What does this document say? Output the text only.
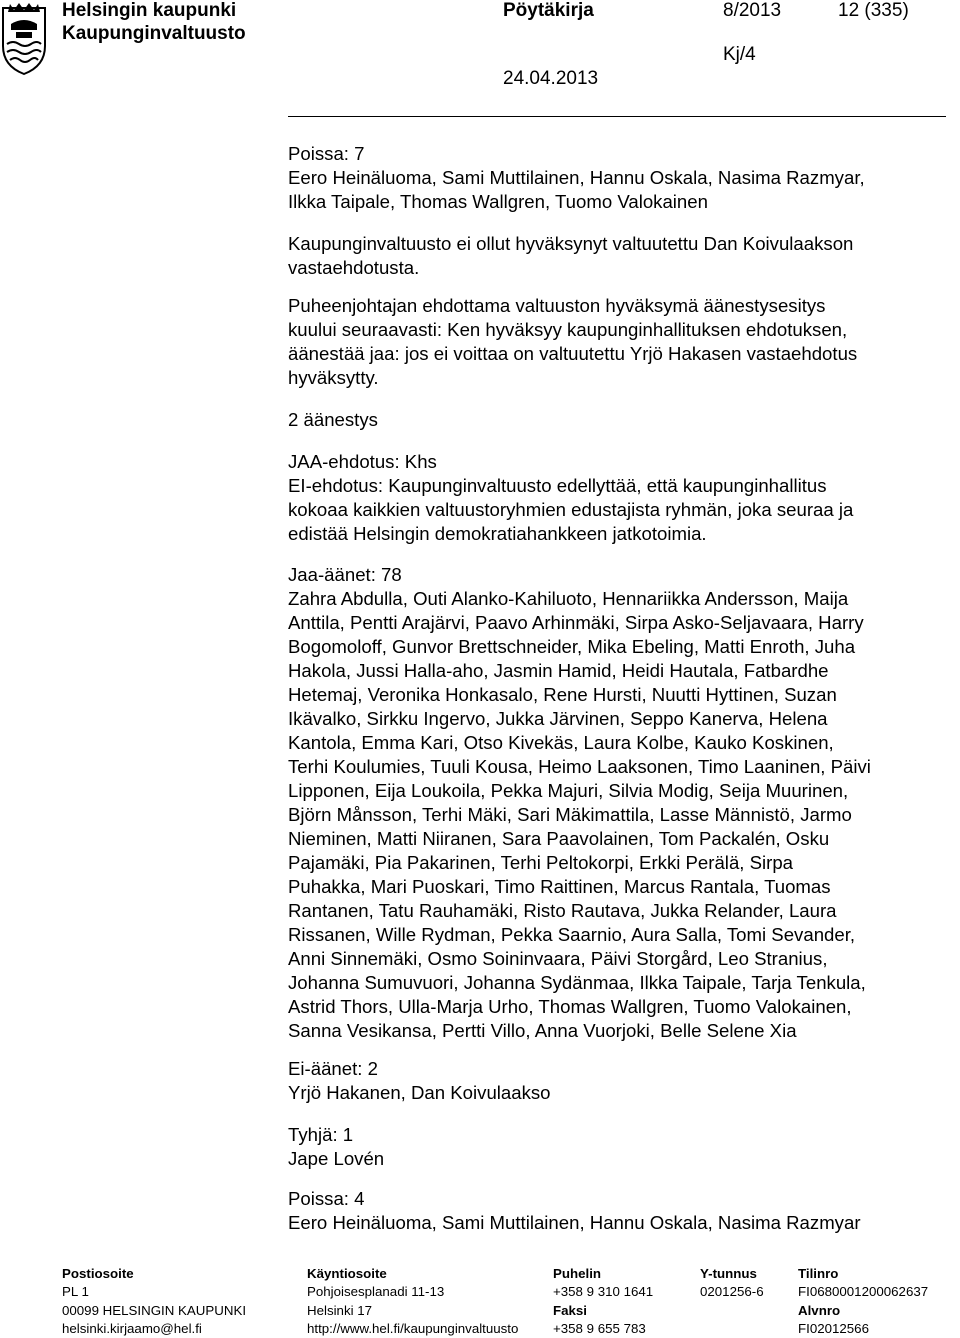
Helsingin kaupunki
Kaupunginvaltuusto
Pöytäkirja	8/2013	12 (335)
Kj/4
24.04.2013

Poissa: 7

Eero Heinäluoma, Sami Muttilainen, Hannu Oskala, Nasima Razmyar,

Ilkka Taipale, Thomas Wallgren, Tuomo Valokainen

Kaupunginvaltuusto ei ollut hyväksynyt valtuutettu Dan Koivulaakson

vastaehdotusta.

Puheenjohtajan ehdottama valtuuston hyväksymä äänestysesitys

kuului seuraavasti: Ken hyväksyy kaupunginhallituksen ehdotuksen,

äänestää jaa: jos ei voittaa on valtuutettu Yrjö Hakasen vastaehdotus

hyväksytty.

2 äänestys

JAA-ehdotus: Khs

EI-ehdotus: Kaupunginvaltuusto edellyttää, että kaupunginhallitus

kokoaa kaikkien valtuustoryhmien edustajista ryhmän, joka seuraa ja

edistää Helsingin demokratiahankkeen jatkotoimia.

Jaa-äänet: 78

Zahra Abdulla, Outi Alanko-Kahiluoto, Hennariikka Andersson, Maija

Anttila, Pentti Arajärvi, Paavo Arhinmäki, Sirpa Asko-Seljavaara, Harry

Bogomoloff, Gunvor Brettschneider, Mika Ebeling, Matti Enroth, Juha

Hakola, Jussi Halla-aho, Jasmin Hamid, Heidi Hautala, Fatbardhe

Hetemaj, Veronika Honkasalo, Rene Hursti, Nuutti Hyttinen, Suzan

Ikävalko, Sirkku Ingervo, Jukka Järvinen, Seppo Kanerva, Helena

Kantola, Emma Kari, Otso Kivekäs, Laura Kolbe, Kauko Koskinen,

Terhi Koulumies, Tuuli Kousa, Heimo Laaksonen, Timo Laaninen, Päivi

Lipponen, Eija Loukoila, Pekka Majuri, Silvia Modig, Seija Muurinen,

Björn Månsson, Terhi Mäki, Sari Mäkimattila, Lasse Männistö, Jarmo

Nieminen, Matti Niiranen, Sara Paavolainen, Tom Packalén, Osku

Pajamäki, Pia Pakarinen, Terhi Peltokorpi, Erkki Perälä, Sirpa

Puhakka, Mari Puoskari, Timo Raittinen, Marcus Rantala, Tuomas

Rantanen, Tatu Rauhamäki, Risto Rautava, Jukka Relander, Laura

Rissanen, Wille Rydman, Pekka Saarnio, Aura Salla, Tomi Sevander,

Anni Sinnemäki, Osmo Soininvaara, Päivi Storgård, Leo Stranius,

Johanna Sumuvuori, Johanna Sydänmaa, Ilkka Taipale, Tarja Tenkula,

Astrid Thors, Ulla-Marja Urho, Thomas Wallgren, Tuomo Valokainen,

Sanna Vesikansa, Pertti Villo, Anna Vuorjoki, Belle Selene Xia

Ei-äänet: 2

Yrjö Hakanen, Dan Koivulaakso

Tyhjä: 1

Jape Lovén

Poissa: 4

Eero Heinäluoma, Sami Muttilainen, Hannu Oskala, Nasima Razmyar

Postiosoite
PL 1
00099 HELSINGIN KAUPUNKI
helsinki.kirjaamo@hel.fi
Käyntiosoite
Pohjoisesplanadi 11-13
Helsinki 17
http://www.hel.fi/kaupunginvaltuusto
Puhelin
+358 9 310 1641
Faksi
+358 9 655 783
Y-tunnus
0201256-6
Tilinro
FI0680001200062637
Alvnro
FI02012566
